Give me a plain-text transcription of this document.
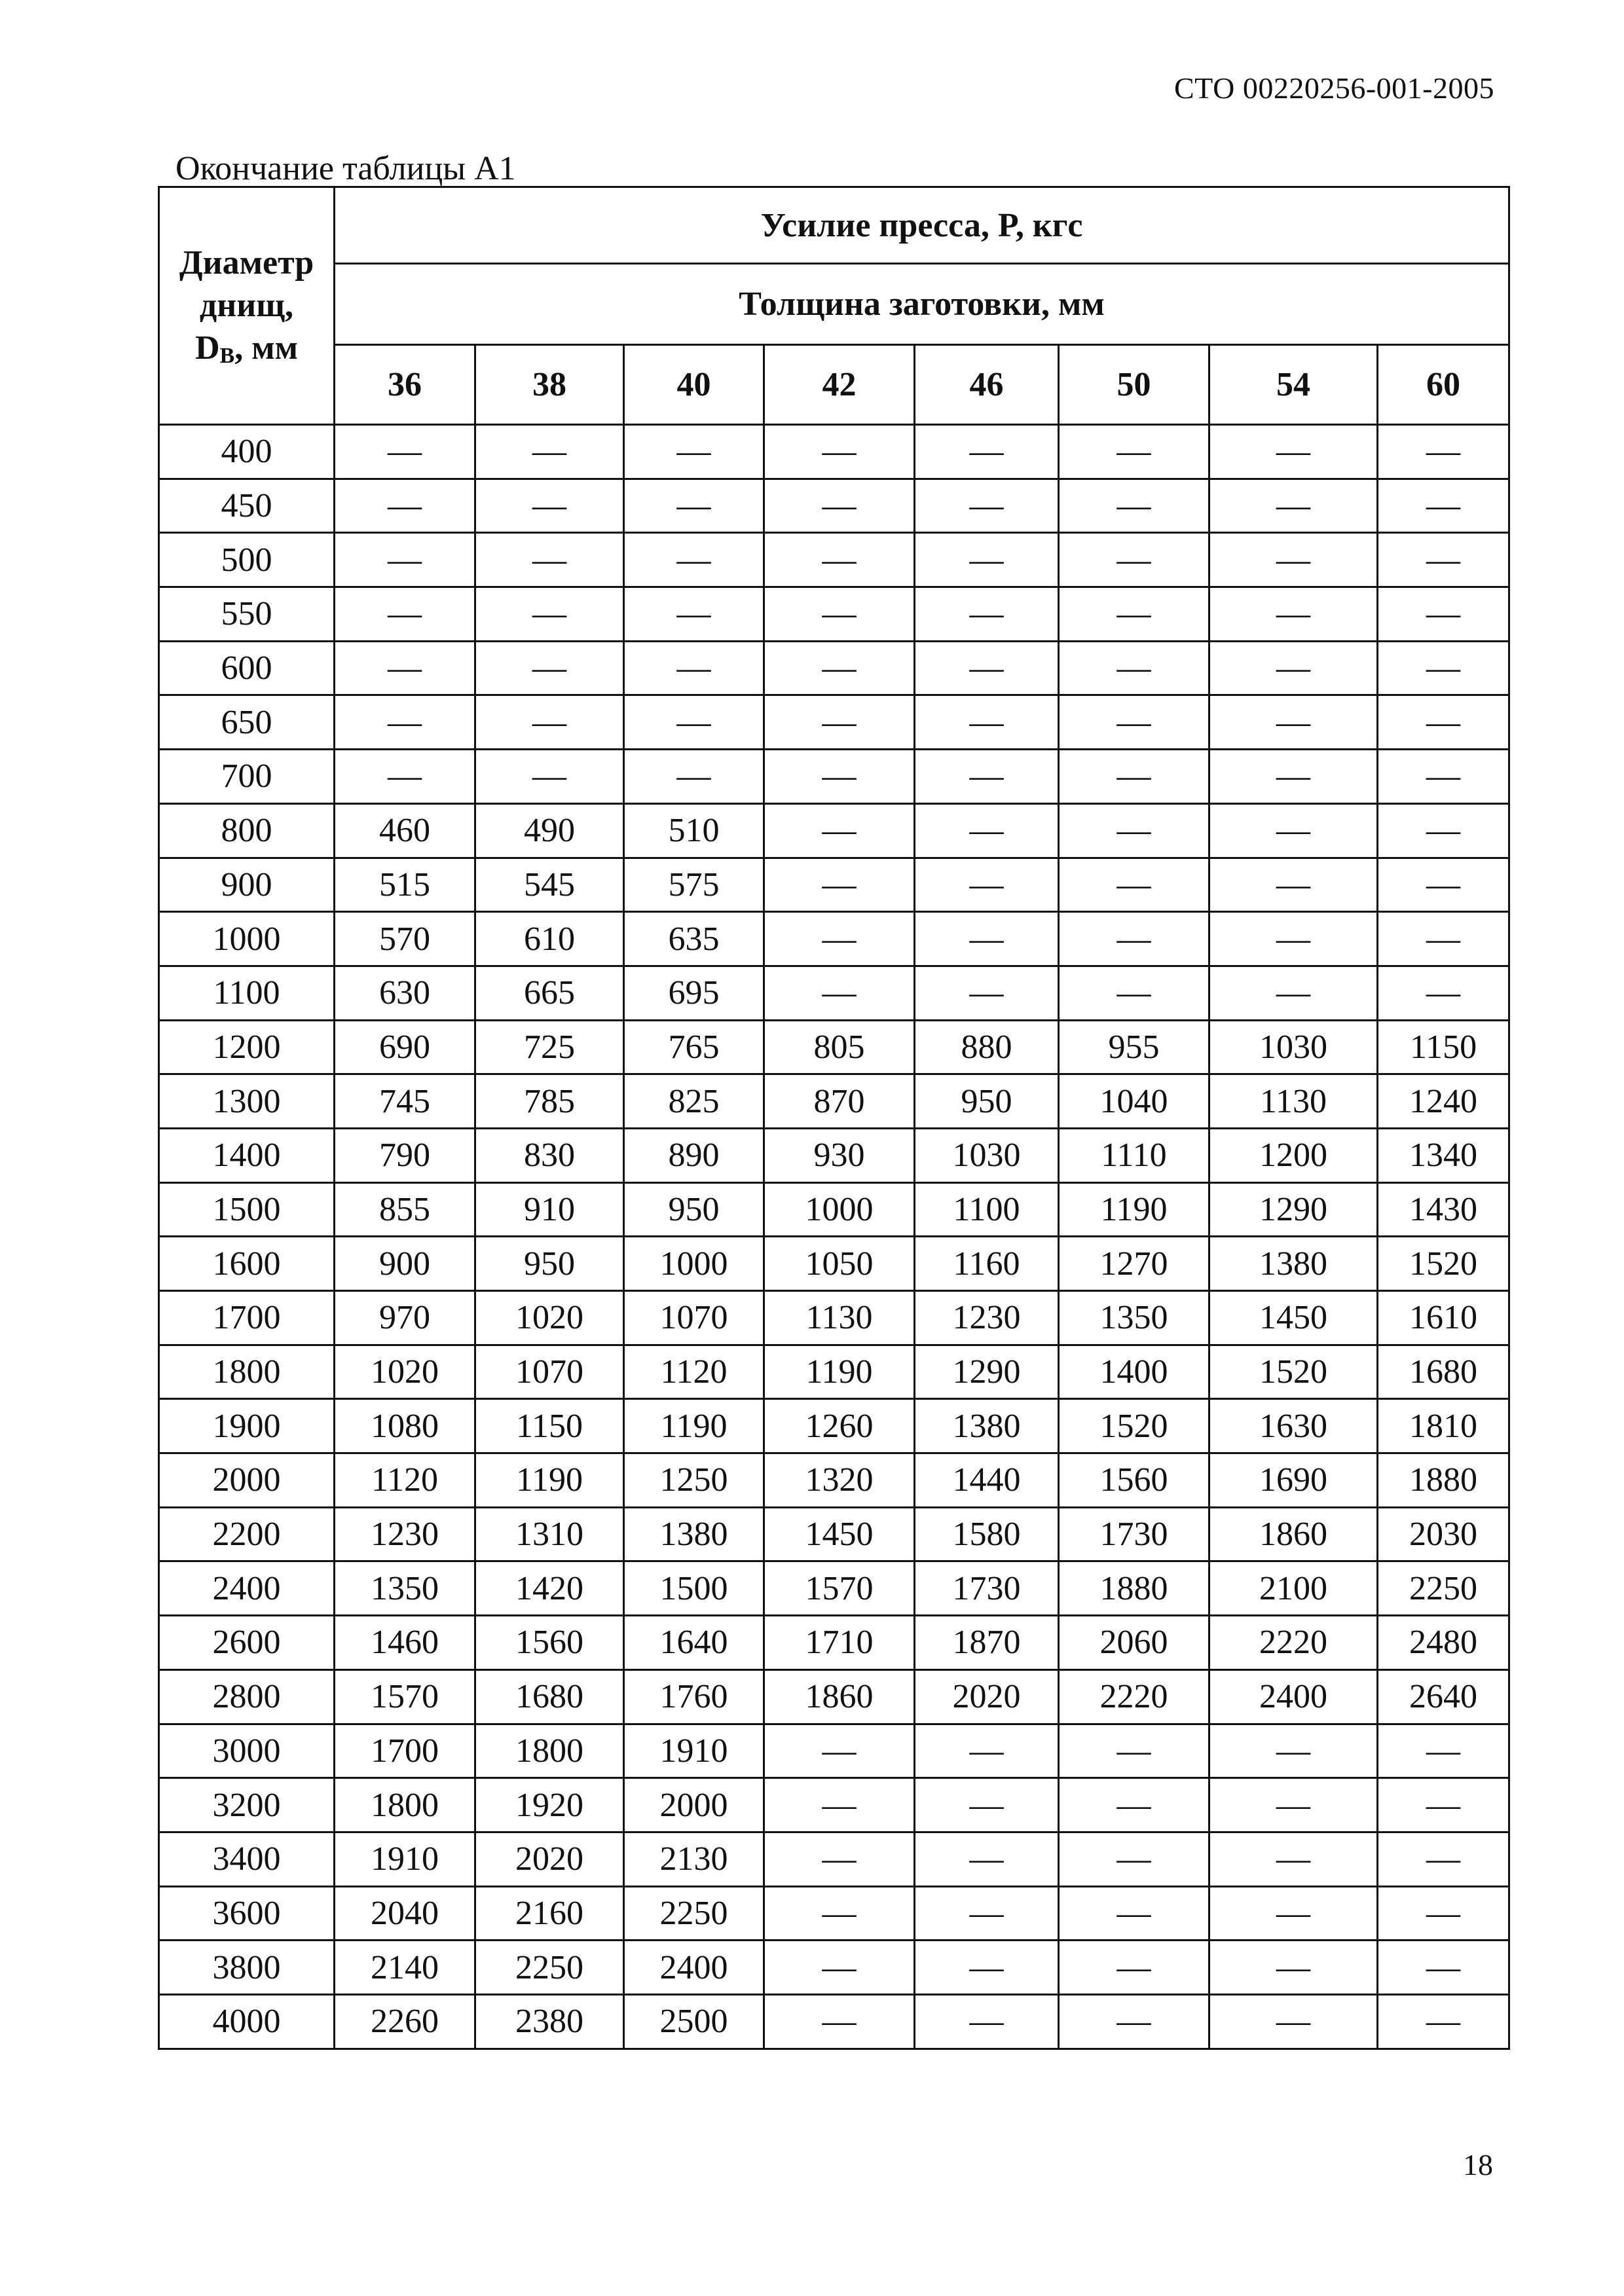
СТО 00220256-001-2005
Окончание таблицы А1
Диаметр
днищ,
DВ, мм	Усилие пресса, P, кгс							
	Толщина заготовки, мм							
	36	38	40	42	46	50	54	60
400	—	—	—	—	—	—	—	—
450	—	—	—	—	—	—	—	—
500	—	—	—	—	—	—	—	—
550	—	—	—	—	—	—	—	—
600	—	—	—	—	—	—	—	—
650	—	—	—	—	—	—	—	—
700	—	—	—	—	—	—	—	—
800	460	490	510	—	—	—	—	—
900	515	545	575	—	—	—	—	—
1000	570	610	635	—	—	—	—	—
1100	630	665	695	—	—	—	—	—
1200	690	725	765	805	880	955	1030	1150
1300	745	785	825	870	950	1040	1130	1240
1400	790	830	890	930	1030	1110	1200	1340
1500	855	910	950	1000	1100	1190	1290	1430
1600	900	950	1000	1050	1160	1270	1380	1520
1700	970	1020	1070	1130	1230	1350	1450	1610
1800	1020	1070	1120	1190	1290	1400	1520	1680
1900	1080	1150	1190	1260	1380	1520	1630	1810
2000	1120	1190	1250	1320	1440	1560	1690	1880
2200	1230	1310	1380	1450	1580	1730	1860	2030
2400	1350	1420	1500	1570	1730	1880	2100	2250
2600	1460	1560	1640	1710	1870	2060	2220	2480
2800	1570	1680	1760	1860	2020	2220	2400	2640
3000	1700	1800	1910	—	—	—	—	—
3200	1800	1920	2000	—	—	—	—	—
3400	1910	2020	2130	—	—	—	—	—
3600	2040	2160	2250	—	—	—	—	—
3800	2140	2250	2400	—	—	—	—	—
4000	2260	2380	2500	—	—	—	—	—
18
